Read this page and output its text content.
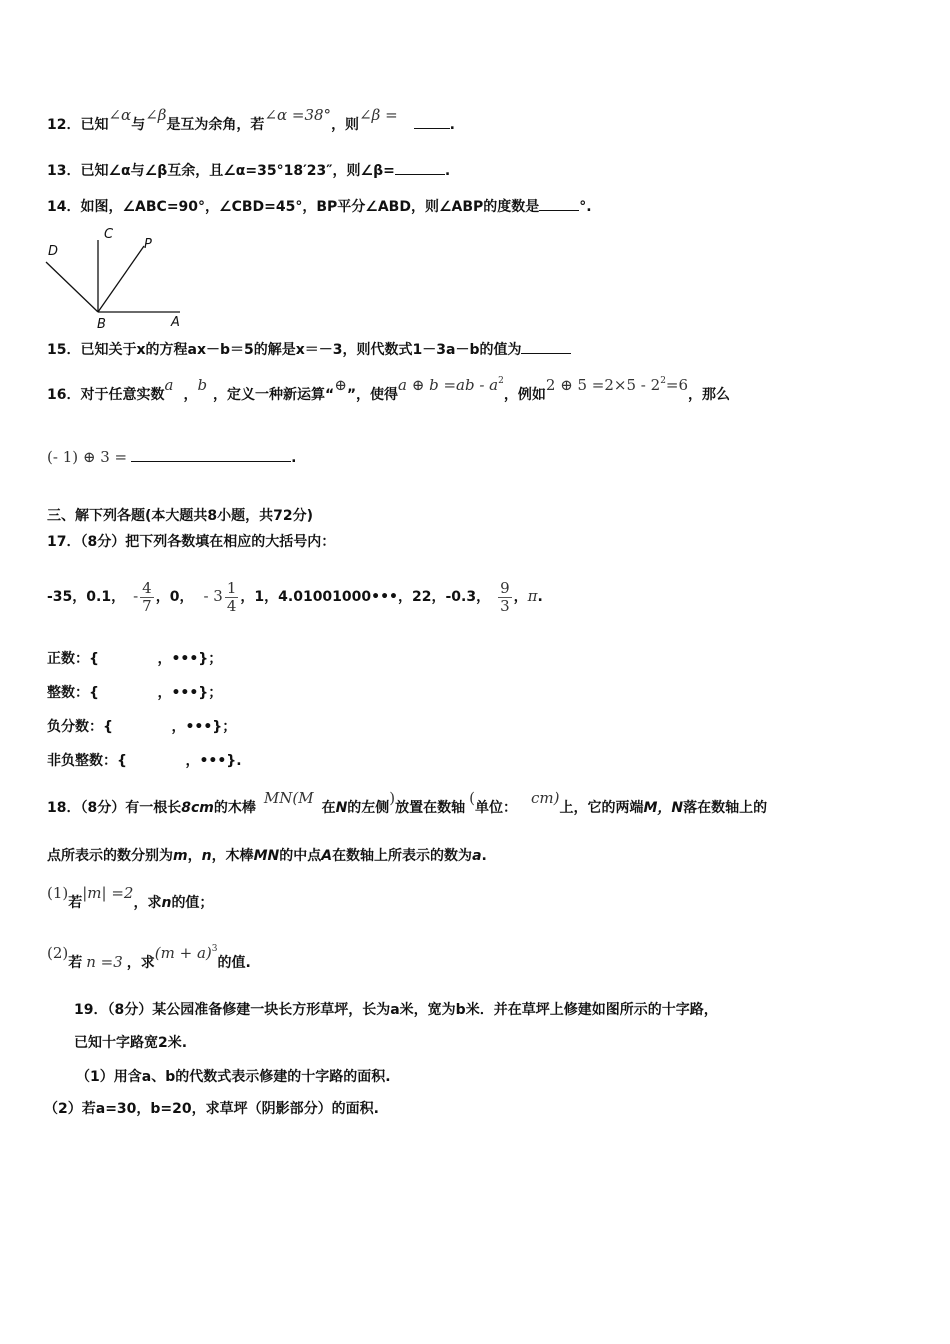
12．已知∠α与∠β是互为余角，若∠α =38°，则∠β =.
13．已知∠α与∠β互余，且∠α=35°18′23″，则∠β=	.
14．如图，∠ABC=90°，∠CBD=45°，BP平分∠ABD，则∠ABP的度数是	°.
D
C
P
B	A
15．已知关于x的方程ax－b＝5的解是x＝－3，则代数式1－3a－b的值为
16．对于任意实数a，b，定义一种新运算“⊕”，使得a ⊕ $b =ab - a^2$，例如2 ⊕ $5 =2\times 5 - 2^2=6$，那么
(- 1) ⊕ 3 =	.
三、解下列各题(本大题共8小题，共72分)
17．（8分）把下列各数填在相应的大括号内：
-35，0.1， - $\frac{4}{7}$ ，0， - $3 \frac{1}{4}$ ，1，4.01001000•••，22，-0.3， $\frac{9}{3}$ ，π.
正数：{            ，•••}；
整数：{            ，•••}；
负分数：{            ，•••}；
非负整数：{            ，•••}.
18．（8分）有一根长8cm的木棒MN(M在N的左侧)放置在数轴(单位：cm)上，它的两端M，N落在数轴上的
点所表示的数分别为m，n，木棒MN的中点A在数轴上所表示的数为a.
(1)若|m| =2，求n的值；
(2)若 n =3 ，求$(m + a)^3$的值.
19．（8分）某公园准备修建一块长方形草坪，长为a米，宽为b米．并在草坪上修建如图所示的十字路，
已知十字路宽2米.
（1）用含a、b的代数式表示修建的十字路的面积.
（2）若a=30，b=20，求草坪（阴影部分）的面积.
